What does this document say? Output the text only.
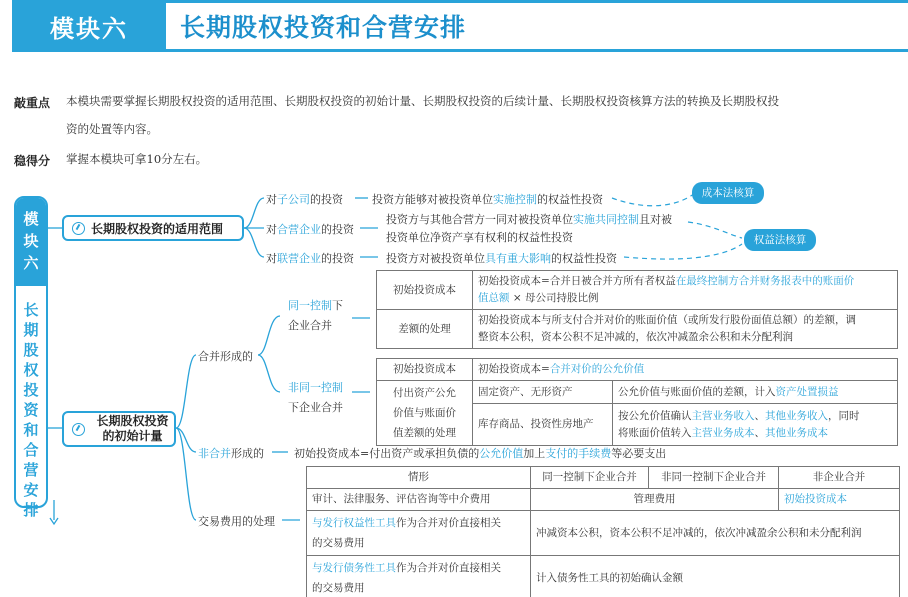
模块六	长期股权投资和合营安排
敲重点 本模块需要掌握长期股权投资的适用范围、长期股权投资的初始计量、长期股权投资的后续计量、长期股权投资核算方法的转换及长期股权投
资的处置等内容。
稳得分 掌握本模块可拿10分左右。
模块六
长期股权投资和合营安排
长期股权投资的适用范围
对子公司的投资	投资方能够对被投资单位实施控制的权益性投资
对合营企业的投资
投资方与其他合营方一同对被投资单位实施共同控制且对被
投资单位净资产享有权利的权益性投资
对联营企业的投资	投资方对被投资单位具有重大影响的权益性投资
成本法核算
权益法核算
长期股权投资的初始计量
合并形成的
同一控制下
企业合并
非同一控制
下企业合并
初始投资成本	初始投资成本=合并日被合并方所有者权益在最终控制方合并财务报表中的账面价
值总额 × 母公司持股比例
差额的处理	初始投资成本与所支付合并对价的账面价值（或所发行股份面值总额）的差额，调
整资本公积，资本公积不足冲减的，依次冲减盈余公积和未分配利润
初始投资成本	初始投资成本=合并对价的公允价值	

付出资产公允
价值与账面价
值差额的处理	固定资产、无形资产	公允价值与账面价值的差额，计入资产处置损益
	库存商品、投资性房地产	按公允价值确认主营业务收入、其他业务收入，同时
将账面价值转入主营业务成本、其他业务成本
非合并形成的	初始投资成本=付出资产或承担负债的公允价值加上支付的手续费等必要支出
交易费用的处理
情形	同一控制下企业合并	非同一控制下企业合并	非企业合并
审计、法律服务、评估咨询等中介费用	管理费用		初始投资成本
与发行权益性工具作为合并对价直接相关
的交易费用	冲减资本公积，资本公积不足冲减的，依次冲减盈余公积和未分配利润		
与发行债务性工具作为合并对价直接相关
的交易费用	计入债务性工具的初始确认金额		
